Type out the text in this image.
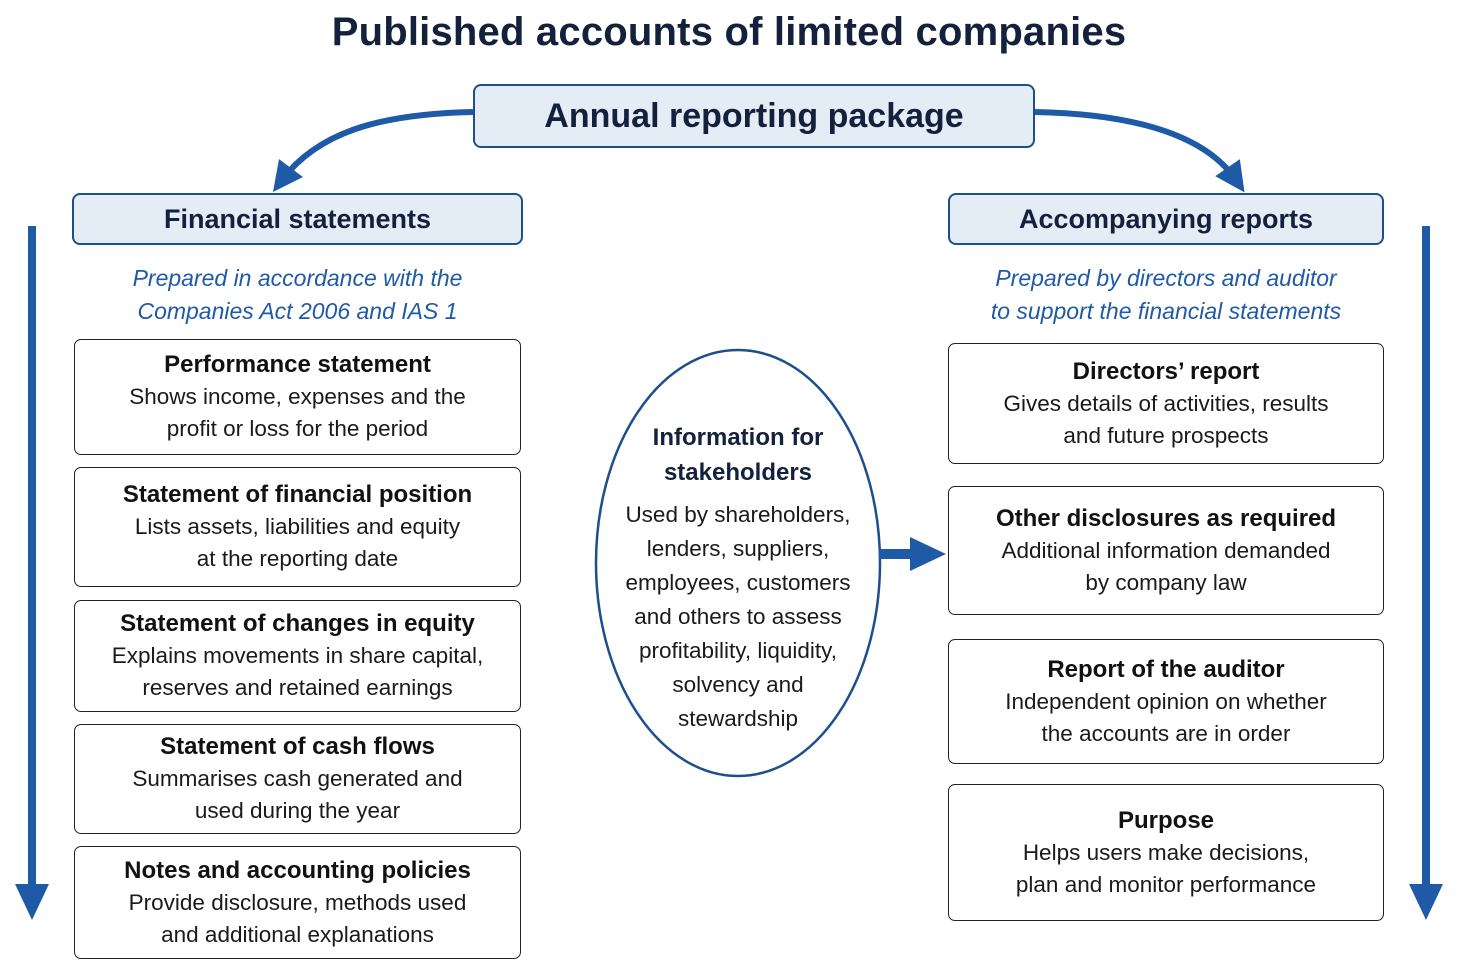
Published accounts of limited companies
Annual reporting package
Financial statements	Accompanying reports
Prepared in accordance with the
Companies Act 2006 and IAS 1
Prepared by directors and auditor
to support the financial statements
Performance statement
Shows income, expenses and the
profit or loss for the period
Statement of financial position
Lists assets, liabilities and equity
at the reporting date
Statement of changes in equity
Explains movements in share capital,
reserves and retained earnings
Statement of cash flows
Summarises cash generated and
used during the year
Notes and accounting policies
Provide disclosure, methods used
and additional explanations
Information for
stakeholders
Used by shareholders,
lenders, suppliers,
employees, customers
and others to assess
profitability, liquidity,
solvency and
stewardship
Directors’ report
Gives details of activities, results
and future prospects
Other disclosures as required
Additional information demanded
by company law
Report of the auditor
Independent opinion on whether
the accounts are in order
Purpose
Helps users make decisions,
plan and monitor performance
